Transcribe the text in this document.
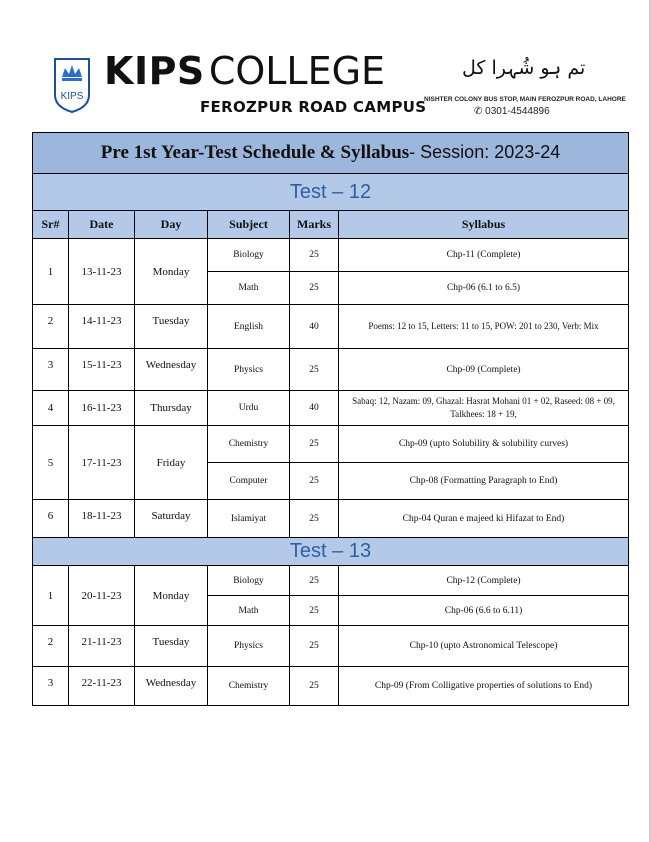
KIPS
KIPS COLLEGE
FEROZPUR ROAD CAMPUS
تم ہو شُہرا کل
NISHTER COLONY BUS STOP, MAIN FEROZPUR ROAD, LAHORE
✆ 0301-4544896
Pre 1st Year-Test Schedule & Syllabus- Session: 2023-24					
Test – 12					
Sr#	Date	Day	Subject	Marks	Syllabus
1	13-11-23	Monday	Biology	25	Chp-11 (Complete)
			Math	25	Chp-06 (6.1 to 6.5)
2	14-11-23	Tuesday	English	40	Poems: 12 to 15, Letters: 11 to 15, POW: 201 to 230, Verb: Mix
3	15-11-23	Wednesday	Physics	25	Chp-09 (Complete)
4	16-11-23	Thursday	Urdu	40	Sabaq: 12, Nazam: 09, Ghazal: Hasrat Mohani 01 + 02, Raseed: 08 + 09, Talkhees: 18 + 19,
5	17-11-23	Friday	Chemistry	25	Chp-09 (upto Solubility & solubility curves)
			Computer	25	Chp-08 (Formatting Paragraph to End)
6	18-11-23	Saturday	Islamiyat	25	Chp-04 Quran e majeed ki Hifazat to End)
Test – 13					
1	20-11-23	Monday	Biology	25	Chp-12 (Complete)
			Math	25	Chp-06 (6.6 to 6.11)
2	21-11-23	Tuesday	Physics	25	Chp-10 (upto Astronomical Telescope)
3	22-11-23	Wednesday	Chemistry	25	Chp-09 (From Colligative properties of solutions to End)
